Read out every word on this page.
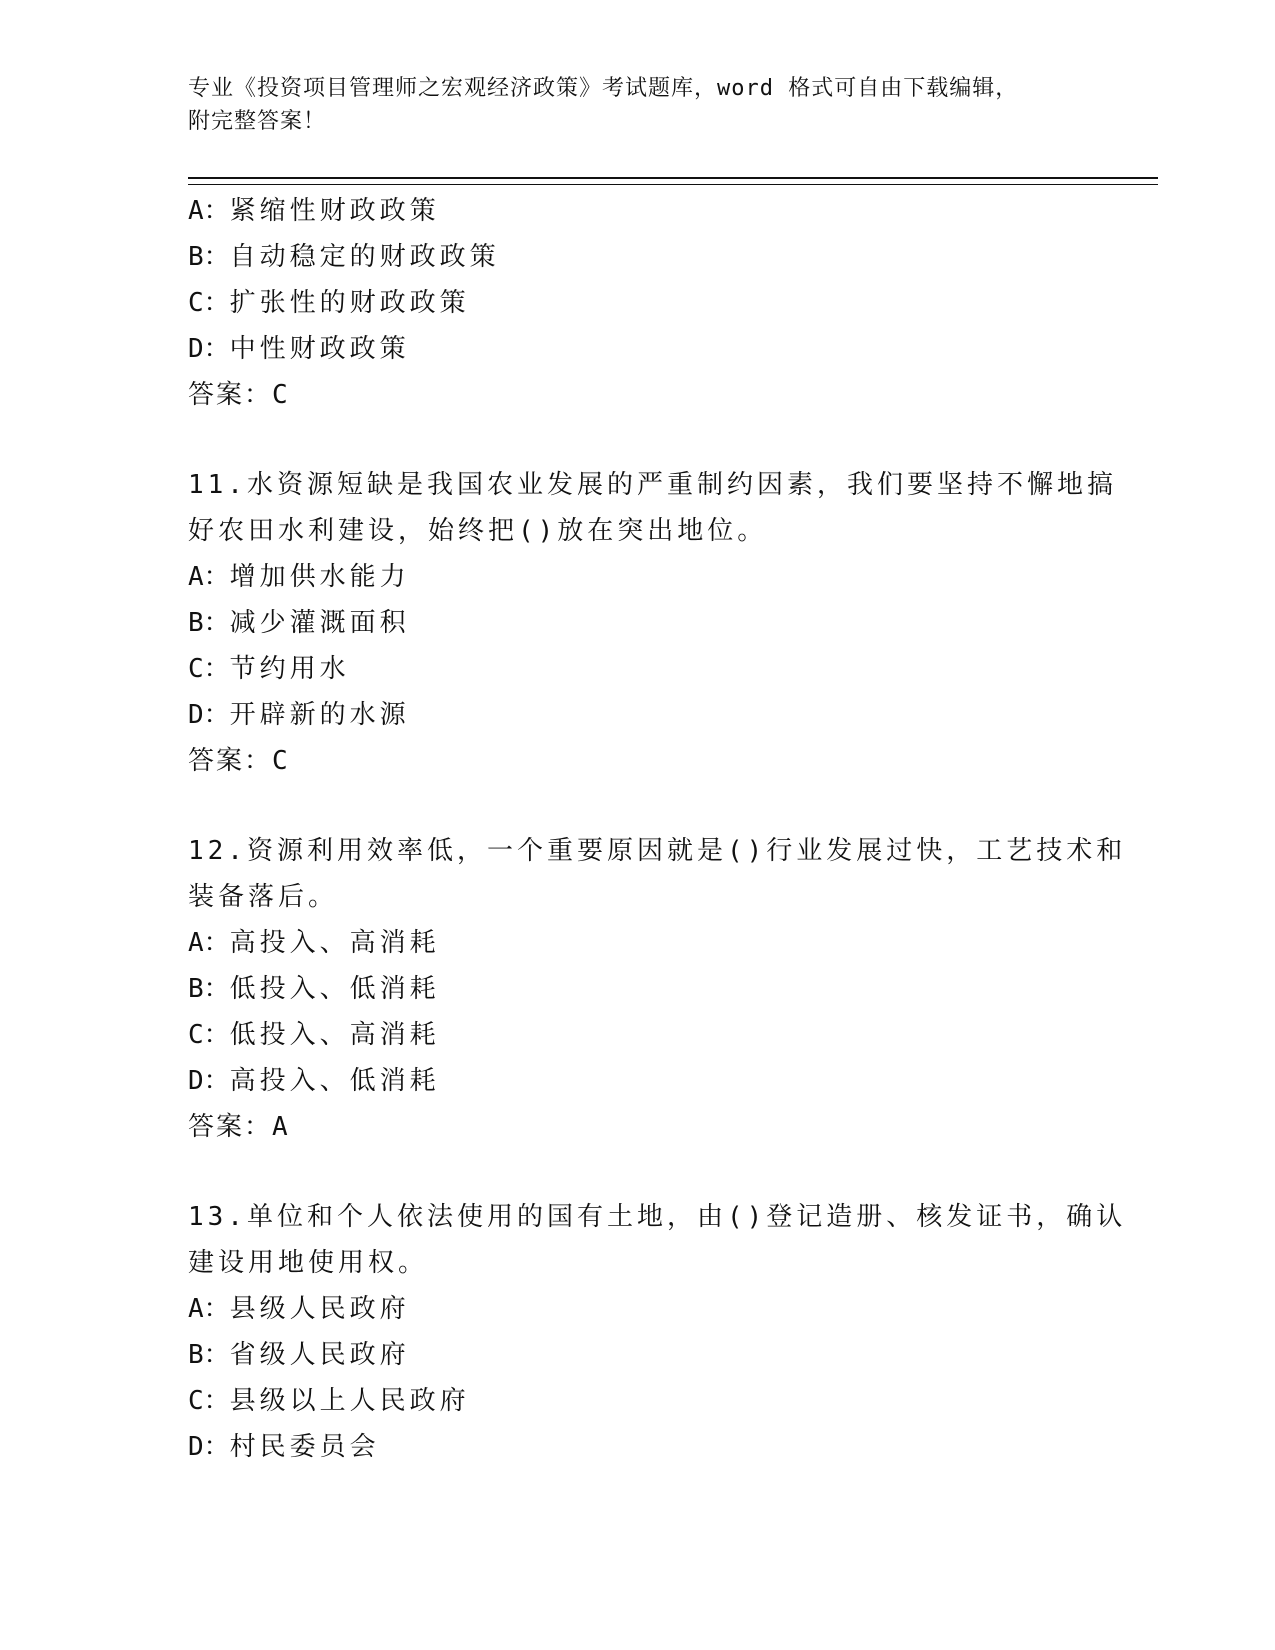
专业《投资项目管理师之宏观经济政策》考试题库，word 格式可自由下载编辑，
附完整答案！
A：紧缩性财政政策
B：自动稳定的财政政策
C：扩张性的财政政策
D：中性财政政策
答案：C
11.水资源短缺是我国农业发展的严重制约因素，我们要坚持不懈地搞
好农田水利建设，始终把()放在突出地位。
A：增加供水能力
B：减少灌溉面积
C：节约用水
D：开辟新的水源
答案：C
12.资源利用效率低，一个重要原因就是()行业发展过快，工艺技术和
装备落后。
A：高投入、高消耗
B：低投入、低消耗
C：低投入、高消耗
D：高投入、低消耗
答案：A
13.单位和个人依法使用的国有土地，由()登记造册、核发证书，确认
建设用地使用权。
A：县级人民政府
B：省级人民政府
C：县级以上人民政府
D：村民委员会
